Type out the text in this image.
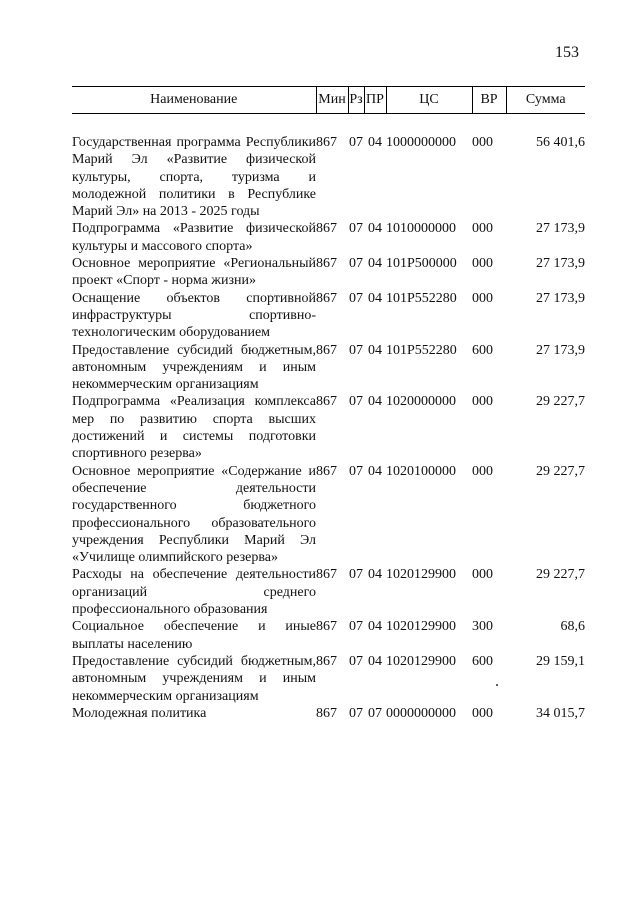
153
Наименование	Мин	Рз	ПР	ЦС	ВР	Сумма

Государственная программа Республики Марий Эл «Развитие физической культуры, спорта, туризма и молодежной политики в Республике Марий Эл» на 2013 - 2025 годы	867	07	04	1000000000	000	56 401,6
Подпрограмма «Развитие физической культуры и массового спорта»	867	07	04	1010000000	000	27 173,9
Основное мероприятие «Региональный проект «Спорт - норма жизни»	867	07	04	101P500000	000	27 173,9
Оснащение объектов спортивной инфраструктуры спортивно-технологическим оборудованием	867	07	04	101P552280	000	27 173,9
Предоставление субсидий бюджетным, автономным учреждениям и иным некоммерческим организациям	867	07	04	101P552280	600	27 173,9
Подпрограмма «Реализация комплекса мер по развитию спорта высших достижений и системы подготовки спортивного резерва»	867	07	04	1020000000	000	29 227,7
Основное мероприятие «Содержание и обеспечение деятельности государственного бюджетного профессионального образовательного учреждения Республики Марий Эл «Училище олимпийского резерва»	867	07	04	1020100000	000	29 227,7
Расходы на обеспечение деятельности организаций среднего профессионального образования	867	07	04	1020129900	000	29 227,7
Социальное обеспечение и иные выплаты населению	867	07	04	1020129900	300	68,6
Предоставление субсидий бюджетным, автономным учреждениям и иным некоммерческим организациям	867	07	04	1020129900	600	29 159,1
Молодежная политика	867	07	07	0000000000	000	34 015,7
